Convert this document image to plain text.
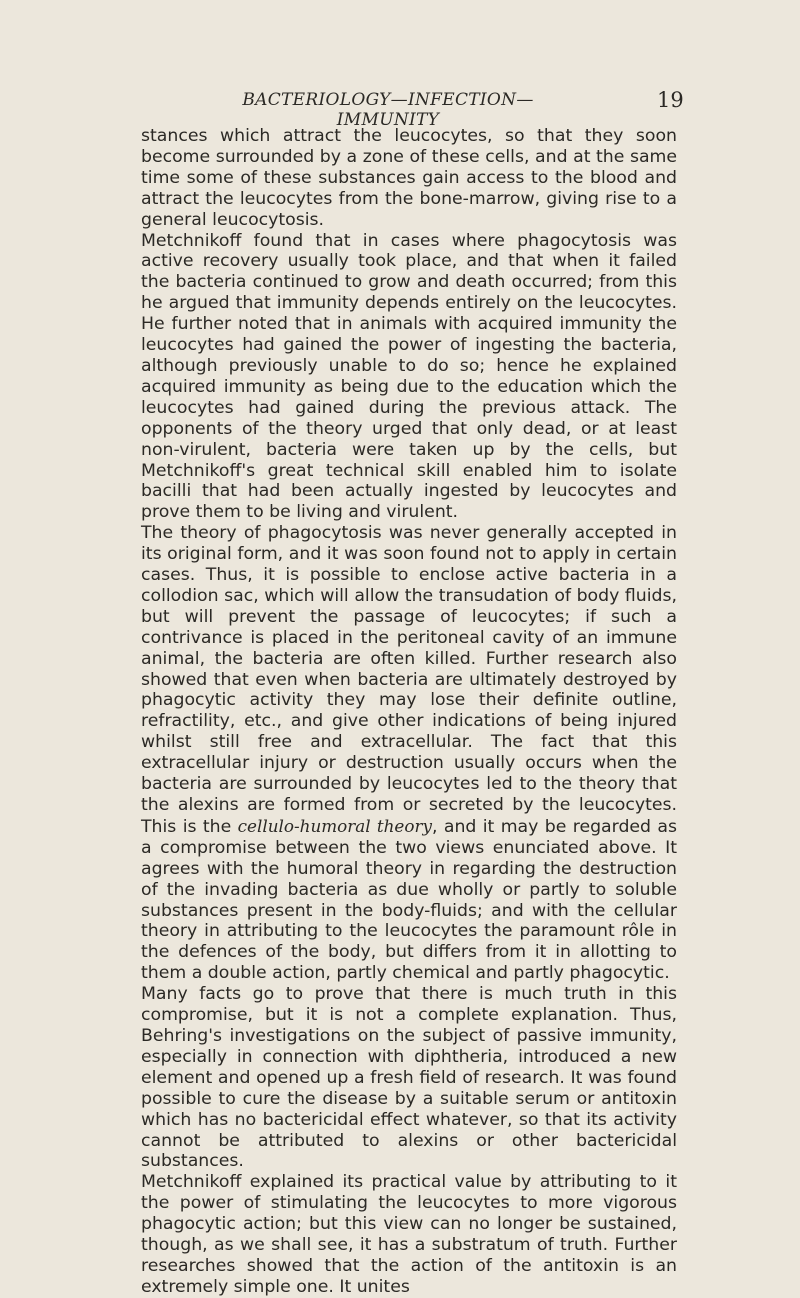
BACTERIOLOGY—INFECTION—IMMUNITY
19

stances which attract the leucocytes, so that they soon become surrounded by a zone of these cells, and at the same time some of these substances gain access to the blood and attract the leucocytes from the bone-marrow, giving rise to a general leucocytosis.

Metchnikoff found that in cases where phagocytosis was active recovery usually took place, and that when it failed the bacteria continued to grow and death occurred; from this he argued that immunity depends entirely on the leucocytes. He further noted that in animals with acquired immunity the leucocytes had gained the power of ingesting the bacteria, although previously unable to do so; hence he explained acquired immunity as being due to the education which the leucocytes had gained during the previous attack. The opponents of the theory urged that only dead, or at least non-virulent, bacteria were taken up by the cells, but Metchnikoff's great technical skill enabled him to isolate bacilli that had been actually ingested by leucocytes and prove them to be living and virulent.

The theory of phagocytosis was never generally accepted in its original form, and it was soon found not to apply in certain cases. Thus, it is possible to enclose active bacteria in a collodion sac, which will allow the transudation of body fluids, but will prevent the passage of leucocytes; if such a contrivance is placed in the peritoneal cavity of an immune animal, the bacteria are often killed. Further research also showed that even when bacteria are ultimately destroyed by phagocytic activity they may lose their definite outline, refractility, etc., and give other indications of being injured whilst still free and extracellular. The fact that this extracellular injury or destruction usually occurs when the bacteria are surrounded by leucocytes led to the theory that the alexins are formed from or secreted by the leucocytes. This is the cellulo-humoral theory, and it may be regarded as a compromise between the two views enunciated above. It agrees with the humoral theory in regarding the destruction of the invading bacteria as due wholly or partly to soluble substances present in the body-fluids; and with the cellular theory in attributing to the leucocytes the paramount rôle in the defences of the body, but differs from it in allotting to them a double action, partly chemical and partly phagocytic.

Many facts go to prove that there is much truth in this compromise, but it is not a complete explanation. Thus, Behring's investigations on the subject of passive immunity, especially in connection with diphtheria, introduced a new element and opened up a fresh field of research. It was found possible to cure the disease by a suitable serum or antitoxin which has no bactericidal effect whatever, so that its activity cannot be attributed to alexins or other bactericidal substances.

Metchnikoff explained its practical value by attributing to it the power of stimulating the leucocytes to more vigorous phagocytic action; but this view can no longer be sustained, though, as we shall see, it has a substratum of truth. Further researches showed that the action of the antitoxin is an extremely simple one. It unites
